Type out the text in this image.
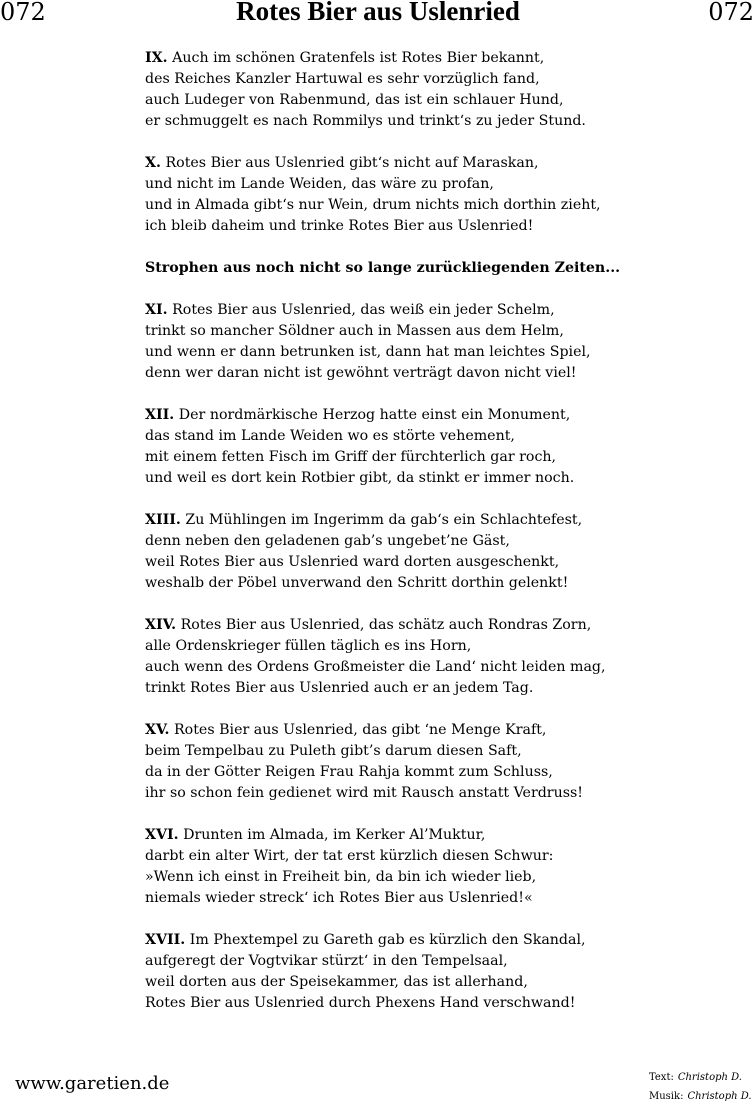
072	Rotes Bier aus Uslenried	072
IX. Auch im schönen Gratenfels ist Rotes Bier bekannt,
des Reiches Kanzler Hartuwal es sehr vorzüglich fand,
auch Ludeger von Rabenmund, das ist ein schlauer Hund,
er schmuggelt es nach Rommilys und trinkt‘s zu jeder Stund.
X. Rotes Bier aus Uslenried gibt‘s nicht auf Maraskan,
und nicht im Lande Weiden, das wäre zu profan,
und in Almada gibt‘s nur Wein, drum nichts mich dorthin zieht,
ich bleib daheim und trinke Rotes Bier aus Uslenried!
Strophen aus noch nicht so lange zurückliegenden Zeiten...
XI. Rotes Bier aus Uslenried, das weiß ein jeder Schelm,
trinkt so mancher Söldner auch in Massen aus dem Helm,
und wenn er dann betrunken ist, dann hat man leichtes Spiel,
denn wer daran nicht ist gewöhnt verträgt davon nicht viel!
XII. Der nordmärkische Herzog hatte einst ein Monument,
das stand im Lande Weiden wo es störte vehement,
mit einem fetten Fisch im Griff der fürchterlich gar roch,
und weil es dort kein Rotbier gibt, da stinkt er immer noch.
XIII. Zu Mühlingen im Ingerimm da gab‘s ein Schlachtefest,
denn neben den geladenen gab’s ungebet’ne Gäst,
weil Rotes Bier aus Uslenried ward dorten ausgeschenkt,
weshalb der Pöbel unverwand den Schritt dorthin gelenkt!
XIV. Rotes Bier aus Uslenried, das schätz auch Rondras Zorn,
alle Ordenskrieger füllen täglich es ins Horn,
auch wenn des Ordens Großmeister die Land‘ nicht leiden mag,
trinkt Rotes Bier aus Uslenried auch er an jedem Tag.
XV. Rotes Bier aus Uslenried, das gibt ‘ne Menge Kraft,
beim Tempelbau zu Puleth gibt’s darum diesen Saft,
da in der Götter Reigen Frau Rahja kommt zum Schluss,
ihr so schon fein gedienet wird mit Rausch anstatt Verdruss!
XVI. Drunten im Almada, im Kerker Al’Muktur,
darbt ein alter Wirt, der tat erst kürzlich diesen Schwur:
»Wenn ich einst in Freiheit bin, da bin ich wieder lieb,
niemals wieder streck‘ ich Rotes Bier aus Uslenried!«
XVII. Im Phextempel zu Gareth gab es kürzlich den Skandal,
aufgeregt der Vogtvikar stürzt‘ in den Tempelsaal,
weil dorten aus der Speisekammer, das ist allerhand,
Rotes Bier aus Uslenried durch Phexens Hand verschwand!
www.garetien.de	Text: Christoph D.
Musik: Christoph D.
